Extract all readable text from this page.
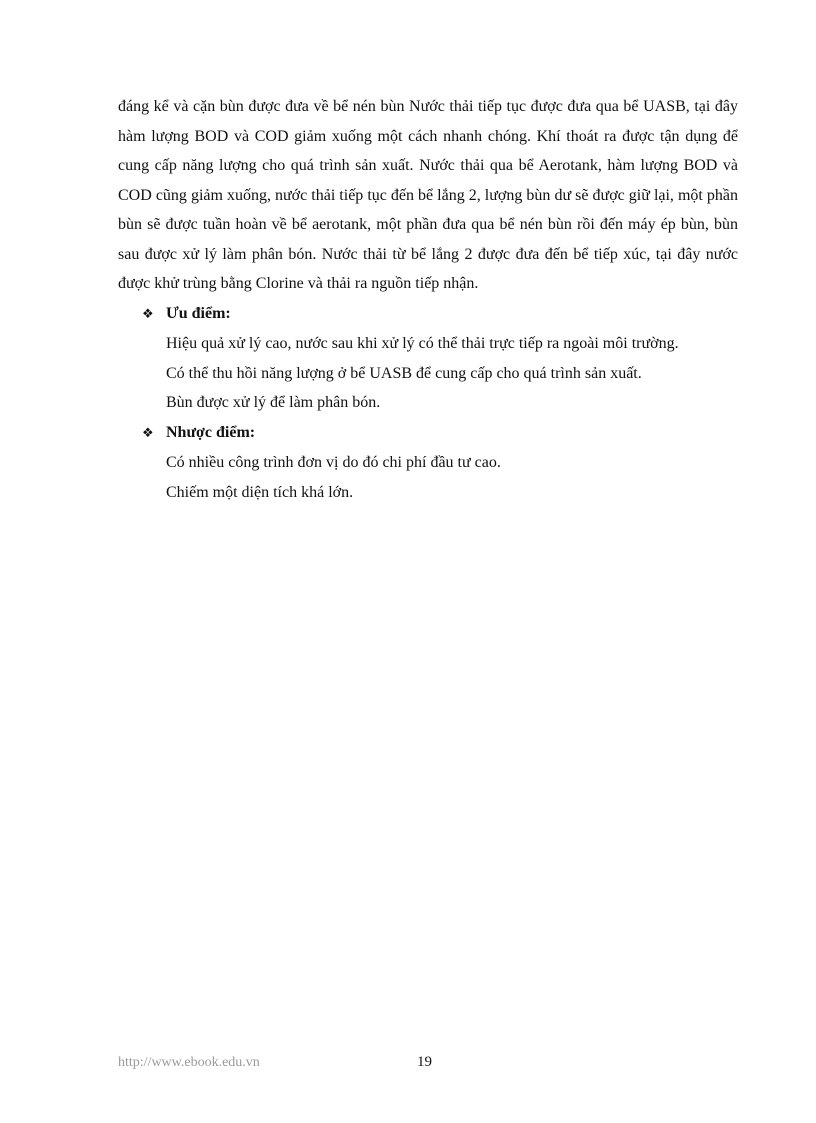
đáng kể và cặn bùn được đưa về bể nén bùn Nước thải tiếp tục được đưa qua bể UASB, tại đây hàm lượng BOD và COD giảm xuống một cách nhanh chóng. Khí thoát ra được tận dụng để cung cấp năng lượng cho quá trình sản xuất. Nước thải qua bể Aerotank, hàm lượng BOD và COD cũng giảm xuống, nước thải tiếp tục đến bể lắng 2, lượng bùn dư sẽ được giữ lại, một phần bùn sẽ được tuần hoàn về bể aerotank, một phần đưa qua bể nén bùn rồi đến máy ép bùn, bùn sau được xử lý làm phân bón. Nước thải từ bể lắng 2 được đưa đến bể tiếp xúc, tại đây nước được khử trùng bằng Clorine và thải ra nguồn tiếp nhận.

❖ Ưu điểm:

Hiệu quả xử lý cao, nước sau khi xử lý có thể thải trực tiếp ra ngoài môi trường.

Có thể thu hồi năng lượng ở bể UASB để cung cấp cho quá trình sản xuất.

Bùn được xử lý để làm phân bón.

❖ Nhược điểm:

Có nhiều công trình đơn vị do đó chi phí đầu tư cao.

Chiếm một diện tích khá lớn.

http://www.ebook.edu.vn	19
